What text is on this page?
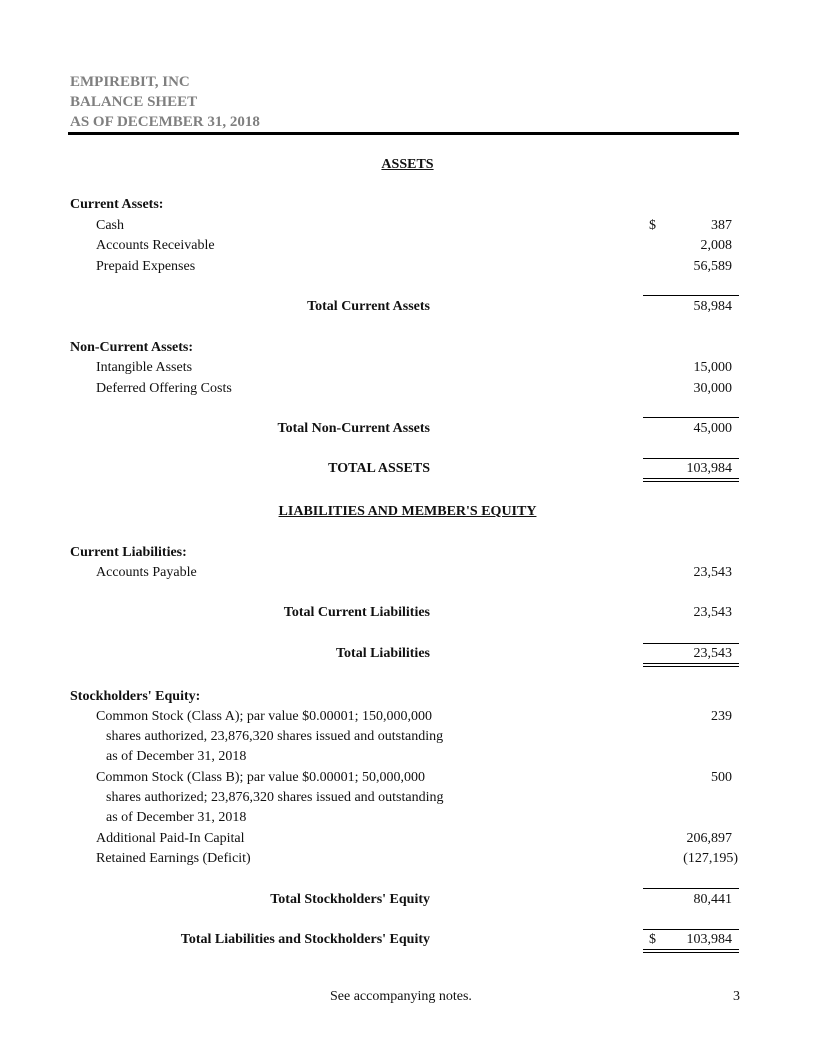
EMPIREBIT, INC
BALANCE SHEET
AS OF DECEMBER 31, 2018
ASSETS
Current Assets:
Cash	$	387
Accounts Receivable	2,008
Prepaid Expenses	56,589
Total Current Assets	58,984
Non-Current Assets:
Intangible Assets	15,000
Deferred Offering Costs	30,000
Total Non-Current Assets	45,000
TOTAL ASSETS	103,984
LIABILITIES AND MEMBER'S EQUITY
Current Liabilities:
Accounts Payable	23,543
Total Current Liabilities	23,543
Total Liabilities	23,543
Stockholders' Equity:
Common Stock (Class A); par value $0.00001; 150,000,000	239
shares authorized, 23,876,320 shares issued and outstanding
as of December 31, 2018
Common Stock (Class B); par value $0.00001; 50,000,000	500
shares authorized; 23,876,320 shares issued and outstanding
as of December 31, 2018
Additional Paid-In Capital	206,897
Retained Earnings (Deficit)	(127,195)
Total Stockholders' Equity	80,441
Total Liabilities and Stockholders' Equity	$ 103,984
See accompanying notes.	3
